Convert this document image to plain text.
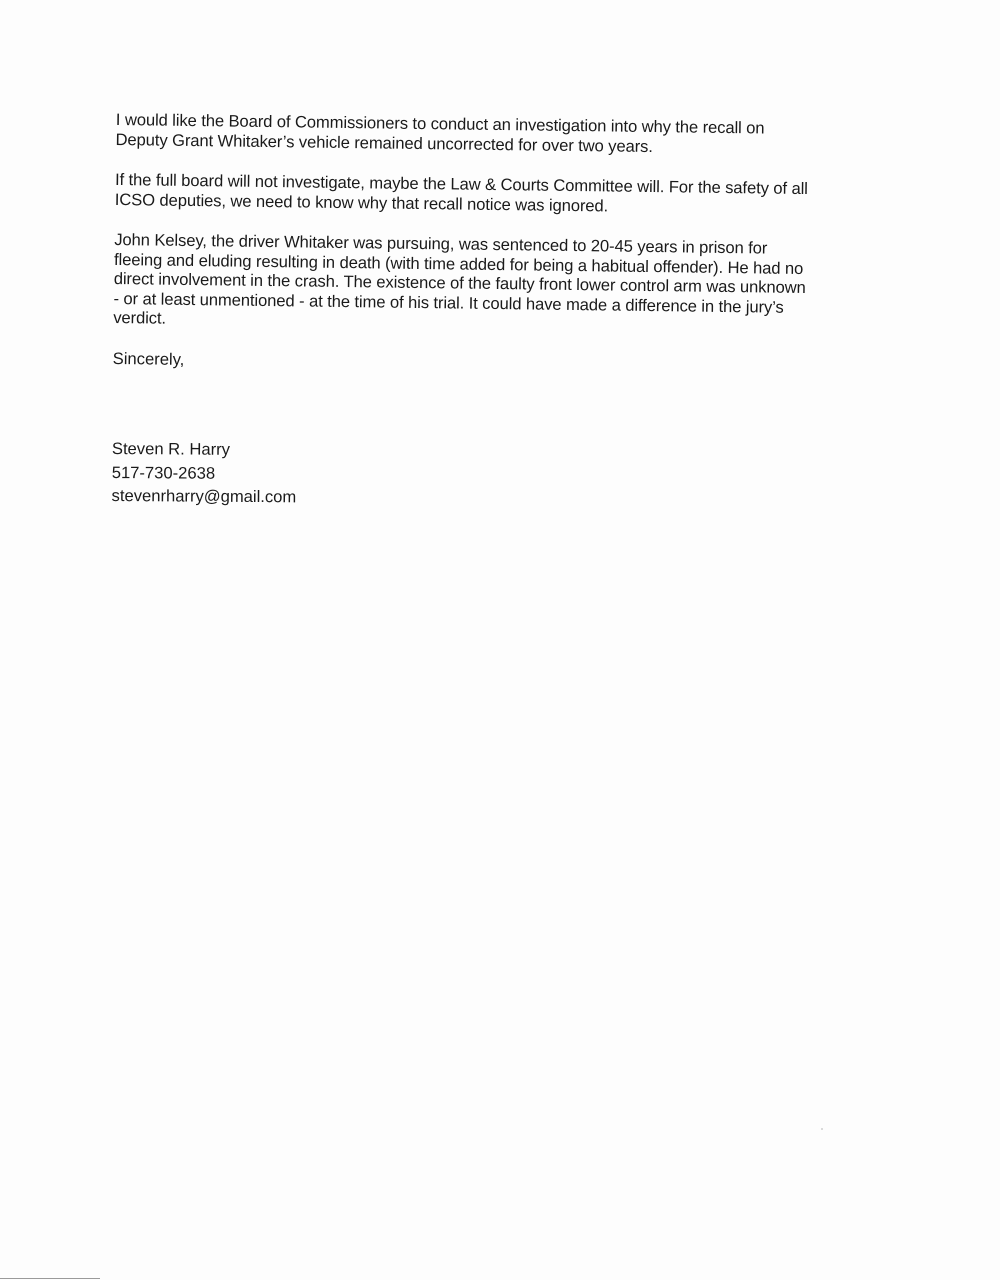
I would like the Board of Commissioners to conduct an investigation into why the recall on
Deputy Grant Whitaker’s vehicle remained uncorrected for over two years.

If the full board will not investigate, maybe the Law & Courts Committee will. For the safety of all
ICSO deputies, we need to know why that recall notice was ignored.

John Kelsey, the driver Whitaker was pursuing, was sentenced to 20-45 years in prison for
fleeing and eluding resulting in death (with time added for being a habitual offender). He had no
direct involvement in the crash. The existence of the faulty front lower control arm was unknown
- or at least unmentioned - at the time of his trial. It could have made a difference in the jury’s
verdict.

Sincerely,

Steven R. Harry

517-730-2638

stevenrharry@gmail.com
